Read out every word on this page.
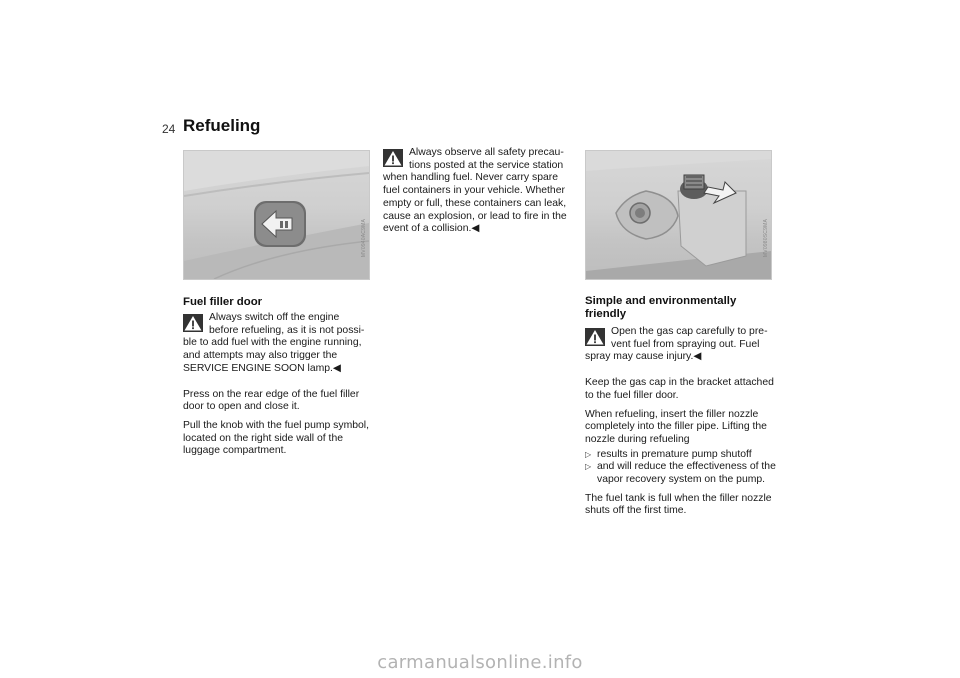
24 Refueling
MV0940AC9MA	MV0980SC9MA
Fuel filler door
Always switch off the engine
before refueling, as it is not possi-

ble to add fuel with the engine running, and attempts may also trigger the SERVICE ENGINE SOON lamp.◀

Press on the rear edge of the fuel filler door to open and close it.

Pull the knob with the fuel pump symbol, located on the right side wall of the luggage compartment.

Always observe all safety precau-
tions posted at the service station

when handling fuel. Never carry spare fuel containers in your vehicle. Whether empty or full, these containers can leak, cause an explosion, or lead to fire in the event of a collision.◀

Simple and environmentally friendly
Open the gas cap carefully to pre-
vent fuel from spraying out. Fuel

spray may cause injury.◀

Keep the gas cap in the bracket attached to the fuel filler door.

When refueling, insert the filler nozzle completely into the filler pipe. Lifting the nozzle during refueling

▷ results in premature pump shutoff
▷ and will reduce the effectiveness of the vapor recovery system on the pump.

The fuel tank is full when the filler nozzle shuts off the first time.

carmanualsonline.info
